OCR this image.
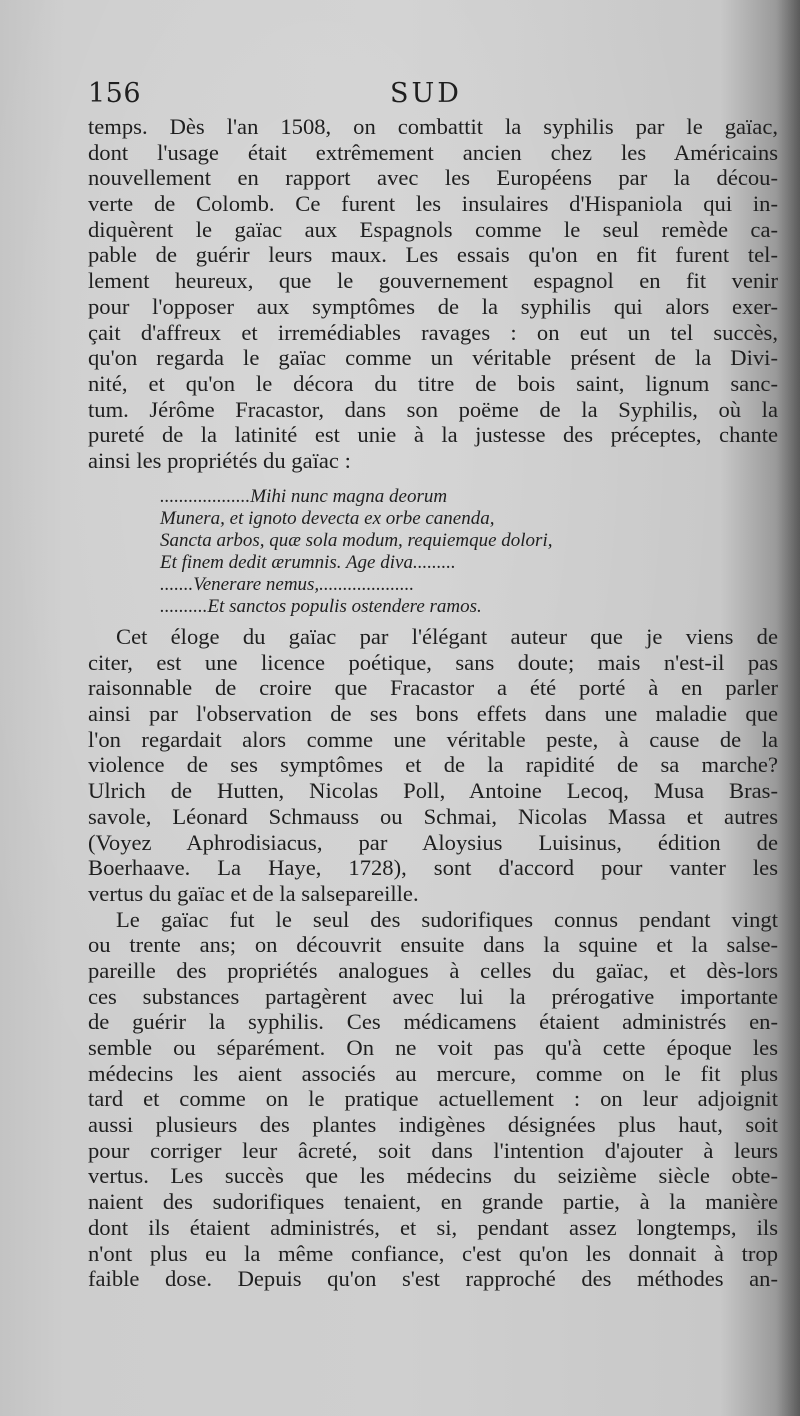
156	SUD
temps. Dès l'an 1508, on combattit la syphilis par le gaïac,
dont l'usage était extrêmement ancien chez les Américains
nouvellement en rapport avec les Européens par la décou-
verte de Colomb. Ce furent les insulaires d'Hispaniola qui in-
diquèrent le gaïac aux Espagnols comme le seul remède ca-
pable de guérir leurs maux. Les essais qu'on en fit furent tel-
lement heureux, que le gouvernement espagnol en fit venir
pour l'opposer aux symptômes de la syphilis qui alors exer-
çait d'affreux et irremédiables ravages : on eut un tel succès,
qu'on regarda le gaïac comme un véritable présent de la Divi-
nité, et qu'on le décora du titre de bois saint, lignum sanc-
tum. Jérôme Fracastor, dans son poëme de la Syphilis, où la
pureté de la latinité est unie à la justesse des préceptes, chante
ainsi les propriétés du gaïac :
...................Mihi nunc magna deorum
Munera, et ignoto devecta ex orbe canenda,
Sancta arbos, quæ sola modum, requiemque dolori,
Et finem dedit ærumnis. Age diva.........
.......Venerare nemus,....................
..........Et sanctos populis ostendere ramos.
Cet éloge du gaïac par l'élégant auteur que je viens de
citer, est une licence poétique, sans doute; mais n'est-il pas
raisonnable de croire que Fracastor a été porté à en parler
ainsi par l'observation de ses bons effets dans une maladie que
l'on regardait alors comme une véritable peste, à cause de la
violence de ses symptômes et de la rapidité de sa marche?
Ulrich de Hutten, Nicolas Poll, Antoine Lecoq, Musa Bras-
savole, Léonard Schmauss ou Schmai, Nicolas Massa et autres
(Voyez Aphrodisiacus, par Aloysius Luisinus, édition de
Boerhaave. La Haye, 1728), sont d'accord pour vanter les
vertus du gaïac et de la salsepareille.
Le gaïac fut le seul des sudorifiques connus pendant vingt
ou trente ans; on découvrit ensuite dans la squine et la salse-
pareille des propriétés analogues à celles du gaïac, et dès-lors
ces substances partagèrent avec lui la prérogative importante
de guérir la syphilis. Ces médicamens étaient administrés en-
semble ou séparément. On ne voit pas qu'à cette époque les
médecins les aient associés au mercure, comme on le fit plus
tard et comme on le pratique actuellement : on leur adjoignit
aussi plusieurs des plantes indigènes désignées plus haut, soit
pour corriger leur âcreté, soit dans l'intention d'ajouter à leurs
vertus. Les succès que les médecins du seizième siècle obte-
naient des sudorifiques tenaient, en grande partie, à la manière
dont ils étaient administrés, et si, pendant assez longtemps, ils
n'ont plus eu la même confiance, c'est qu'on les donnait à trop
faible dose. Depuis qu'on s'est rapproché des méthodes an-
